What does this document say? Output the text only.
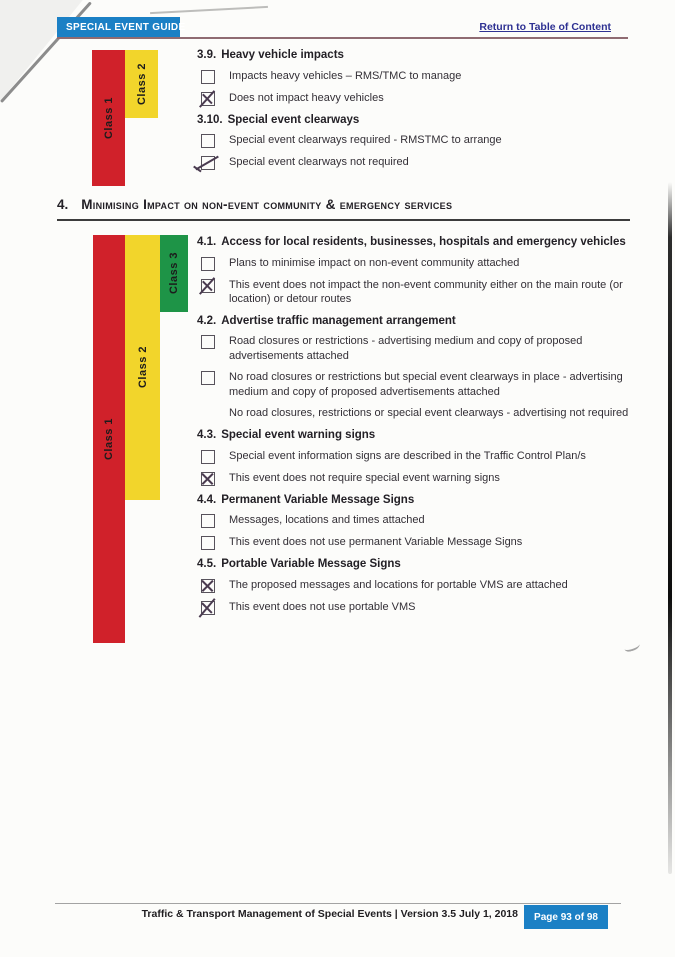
SPECIAL EVENT GUIDE	Return to Table of Content
Class 1
Class 2
3.9. Heavy vehicle impacts
Impacts heavy vehicles – RMS/TMC to manage
Does not impact heavy vehicles
3.10. Special event clearways
Special event clearways required - RMSTMC to arrange
Special event clearways not required
4. Minimising Impact on non-event community & emergency services
Class 1
Class 2
Class 3
4.1. Access for local residents, businesses, hospitals and emergency vehicles
Plans to minimise impact on non-event community attached
This event does not impact the non-event community either on the main route (or location) or detour routes
4.2. Advertise traffic management arrangement
Road closures or restrictions - advertising medium and copy of proposed advertisements attached
No road closures or restrictions but special event clearways in place - advertising medium and copy of proposed advertisements attached
No road closures, restrictions or special event clearways - advertising not required
4.3. Special event warning signs
Special event information signs are described in the Traffic Control Plan/s
This event does not require special event warning signs
4.4. Permanent Variable Message Signs
Messages, locations and times attached
This event does not use permanent Variable Message Signs
4.5. Portable Variable Message Signs
The proposed messages and locations for portable VMS are attached
This event does not use portable VMS
Traffic & Transport Management of Special Events | Version 3.5 July 1, 2018 Page 93 of 98
